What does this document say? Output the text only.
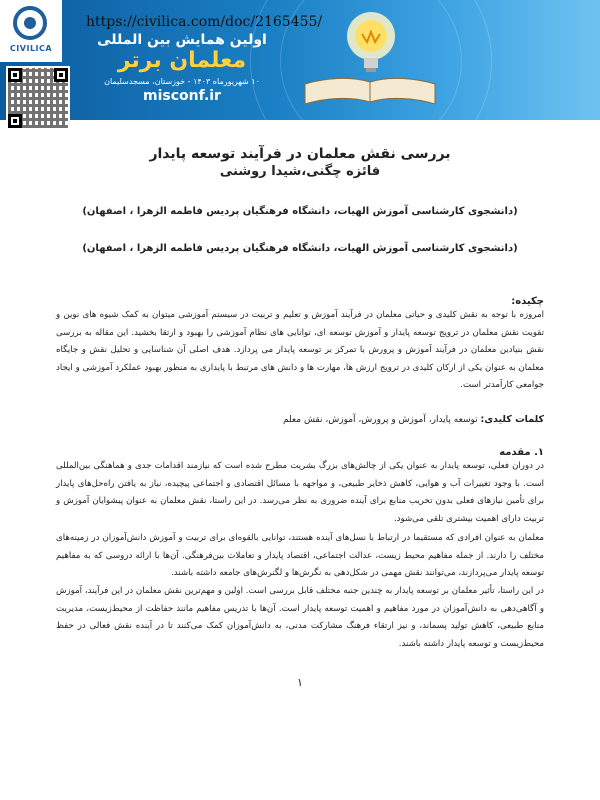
اولین همایش بین المللی
معلمان برتر
۱۰ شهریورماه ۱۴۰۳ - خوزستان، مسجدسلیمان
misconf.ir
CIVILICA
https://civilica.com/doc/2165455/
بررسی نقش معلمان در فرآیند توسعه پایدار
فائزه چگنی،شیدا روشنی
(دانشجوی کارشناسی آموزش الهیات، دانشگاه فرهنگیان پردیس فاطمه الزهرا ، اصفهان)
(دانشجوی کارشناسی آموزش الهیات، دانشگاه فرهنگیان پردیس فاطمه الزهرا ، اصفهان)
چکیده:
امروزه با توجه به نقش کلیدی و حیاتی معلمان در فرآیند آموزش و تعلیم و تربیت در سیستم آموزشی میتوان به کمک شیوه های نوین و تقویت نقش معلمان در ترویج توسعه پایدار و آموزش توسعه ای، توانایی های نظام آموزشی را بهبود و ارتقا بخشید. این مقاله به بررسی نقش بنیادین معلمان در فرآیند آموزش و پرورش با تمرکز بر توسعه پایدار می پردازد. هدف اصلی آن شناسایی و تحلیل نقش و جایگاه معلمان به عنوان یکی از ارکان کلیدی در ترویج ارزش ها، مهارت ها و دانش های مرتبط با پایداری به منظور بهبود عملکرد آموزشی و ایجاد جوامعی کارآمدتر است.
کلمات کلیدی: توسعه پایدار، آموزش و پرورش، آموزش، نقش معلم
۱. مقدمه
در دوران فعلی، توسعه پایدار به عنوان یکی از چالش‌های بزرگ بشریت مطرح شده است که نیازمند اقدامات جدی و هماهنگی بین‌المللی است. با وجود تغییرات آب و هوایی، کاهش ذخایر طبیعی، و مواجهه با مسائل اقتصادی و اجتماعی پیچیده، نیاز به یافتن راه‌حل‌های پایدار برای تأمین نیازهای فعلی بدون تخریب منابع برای آینده ضروری به نظر می‌رسد. در این راستا، نقش معلمان به عنوان پیشوایان آموزش و تربیت دارای اهمیت بیشتری تلقی می‌شود.
معلمان به عنوان افرادی که مستقیما در ارتباط با نسل‌های آینده هستند، توانایی بالقوه‌ای برای تربیت و آموزش دانش‌آموزان در زمینه‌های مختلف را دارند. از جمله مفاهیم محیط زیست، عدالت اجتماعی، اقتصاد پایدار و تعاملات بین‌فرهنگی. آن‌ها با ارائه دروسی که به مفاهیم توسعه پایدار می‌پردازند، می‌توانند نقش مهمی در شکل‌دهی به نگرش‌ها و لگنرش‌های جامعه داشته باشند.
در این راستا، تأثیر معلمان بر توسعه پایدار به چندین جنبه مختلف قابل بررسی است. اولین و مهم‌ترین نقش معلمان در این فرآیند، آموزش و آگاهی‌دهی به دانش‌آموزان در مورد مفاهیم و اهمیت توسعه پایدار است. آن‌ها با تدریس مفاهیم مانند حفاظت از محیط‌زیست، مدیریت منابع طبیعی، کاهش تولید پسماند، و نیز ارتقاء فرهنگ مشارکت مدنی، به دانش‌آموزان کمک می‌کنند تا در آینده نقش فعالی در حفظ محیط‌زیست و توسعه پایدار داشته باشند.
۱
